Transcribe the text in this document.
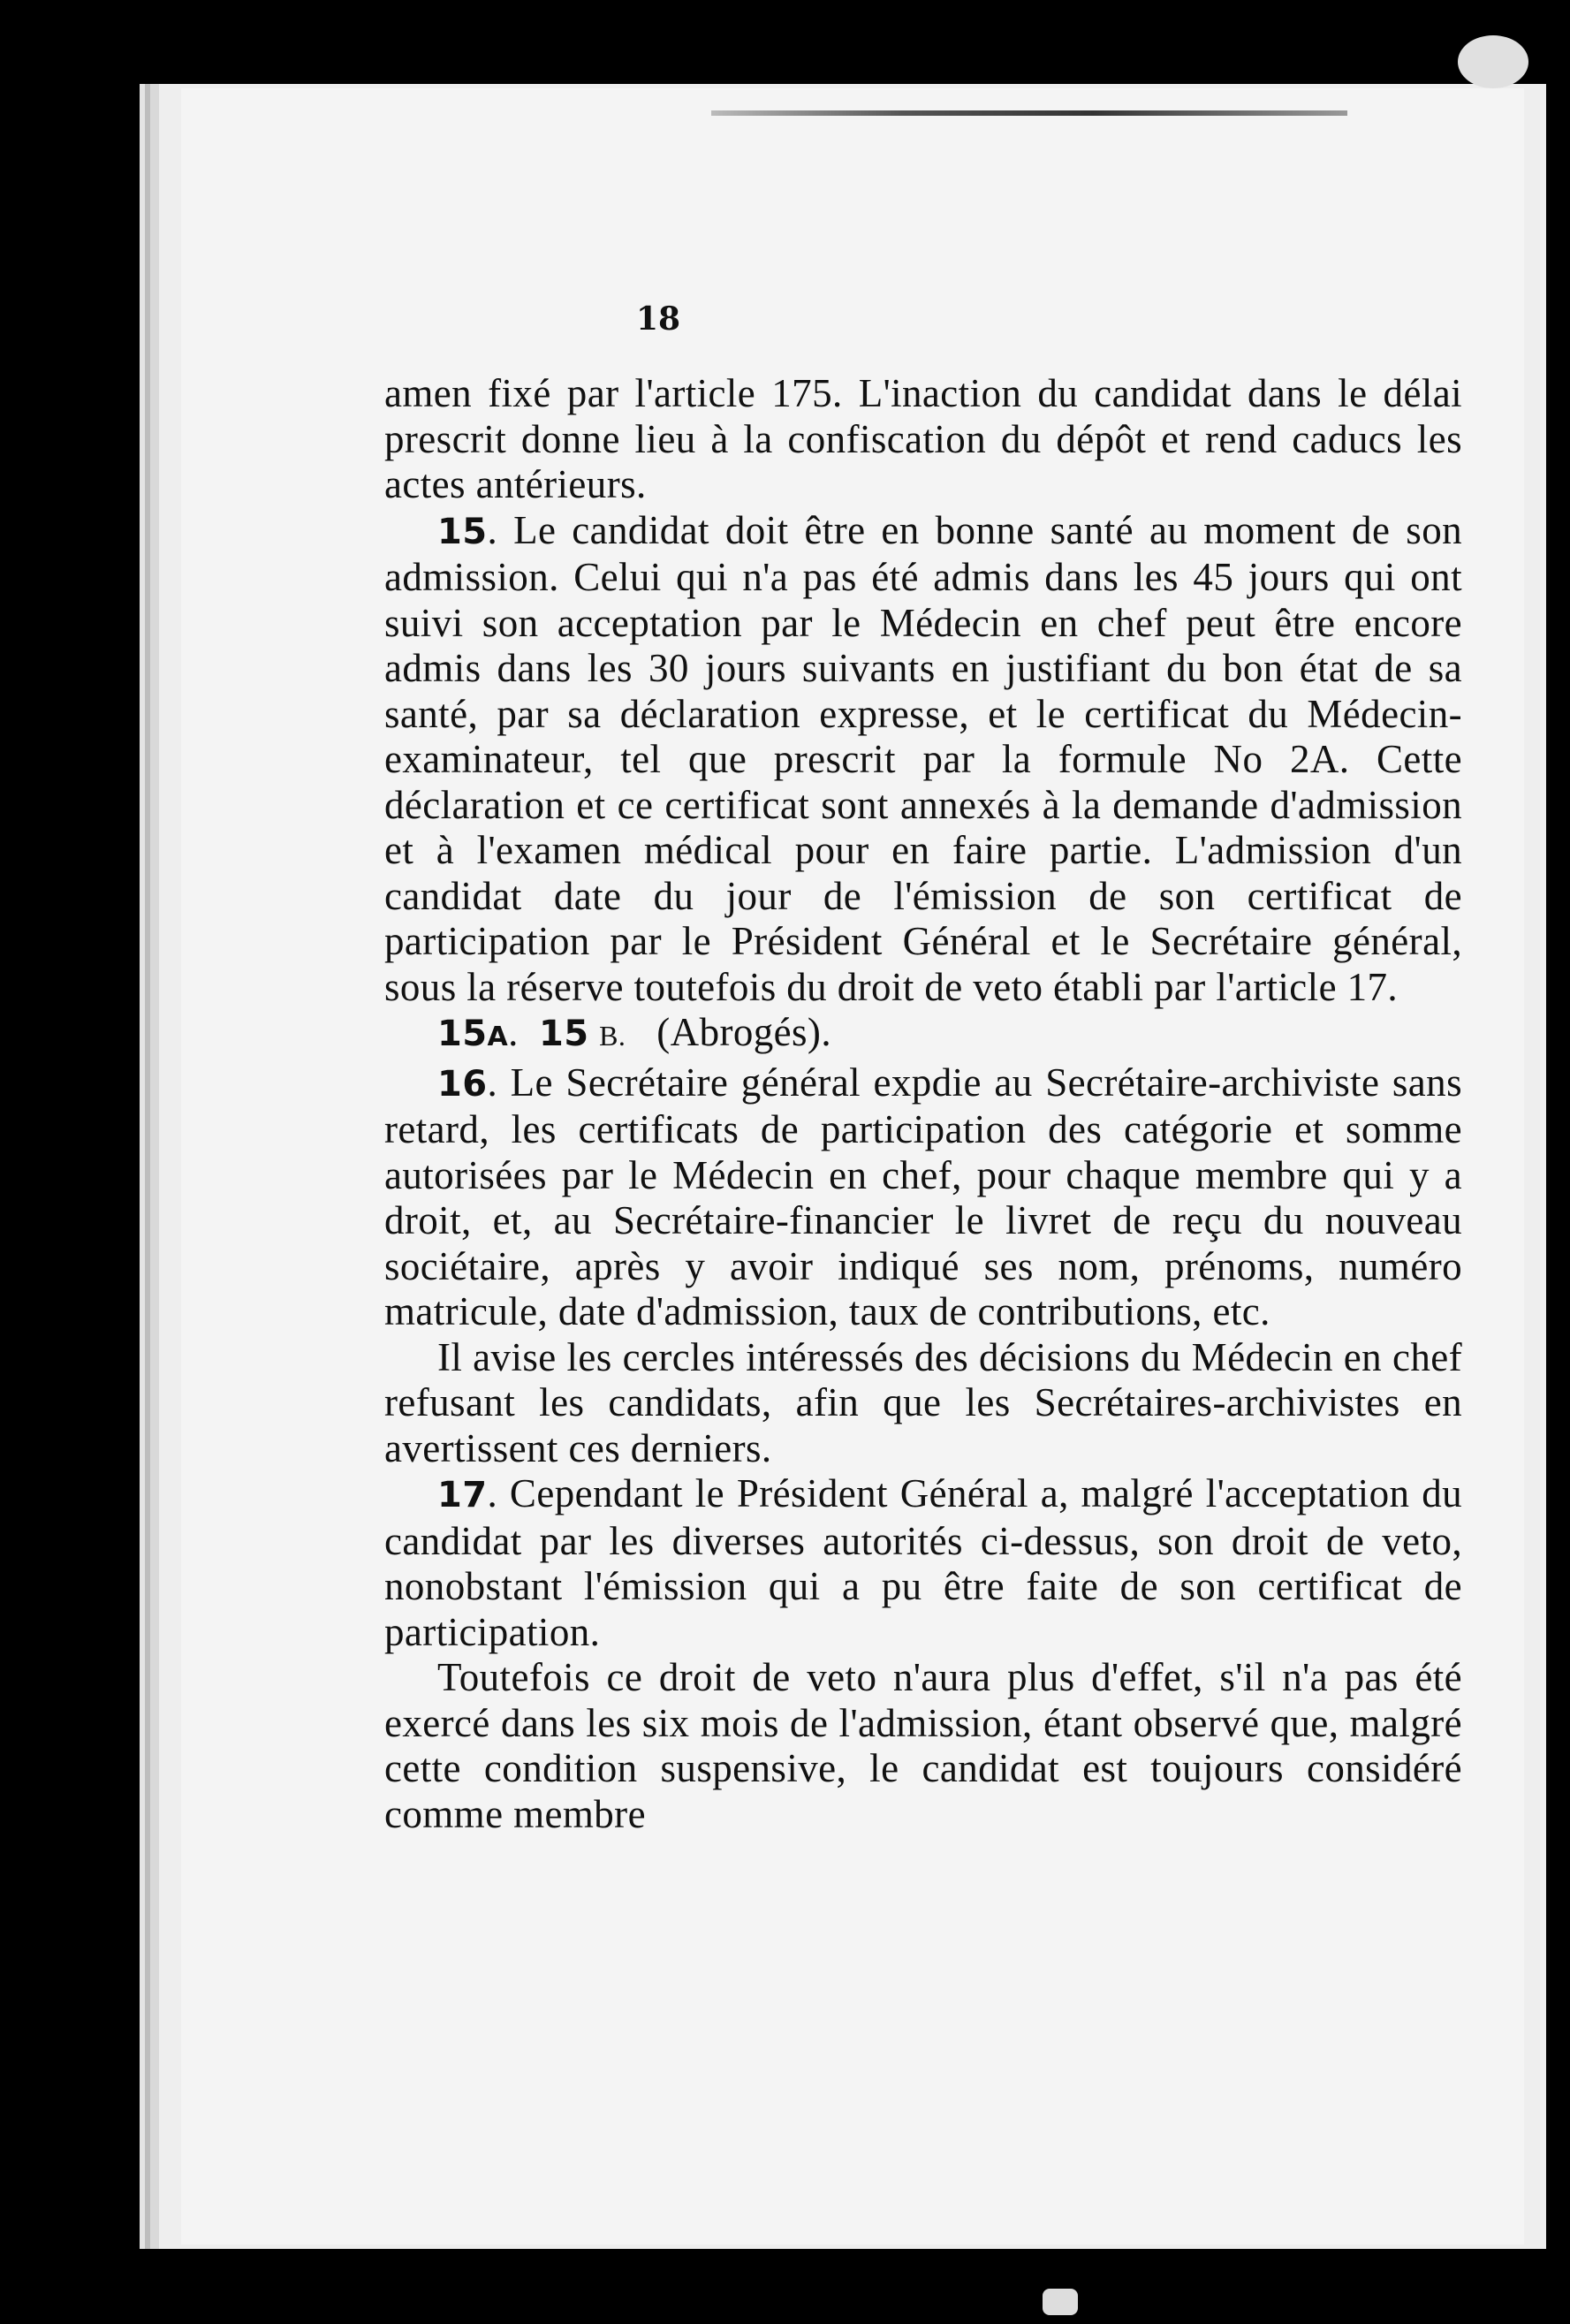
18

amen fixé par l'article 175. L'inaction du candidat dans le délai prescrit donne lieu à la confiscation du dépôt et rend caducs les actes antérieurs.

15. Le candidat doit être en bonne santé au moment de son admission. Celui qui n'a pas été admis dans les 45 jours qui ont suivi son acceptation par le Médecin en chef peut être encore admis dans les 30 jours suivants en justifiant du bon état de sa santé, par sa déclaration expresse, et le certificat du Médecin-examinateur, tel que prescrit par la formule No 2A. Cette déclaration et ce certificat sont annexés à la demande d'admission et à l'examen médical pour en faire partie. L'admission d'un candidat date du jour de l'émission de son certificat de participation par le Président Général et le Secrétaire général, sous la réserve toutefois du droit de veto établi par l'article 17.

15A.  15 B. (Abrogés).

16. Le Secrétaire général expdie au Secrétaire-archiviste sans retard, les certificats de participation des catégorie et somme autorisées par le Médecin en chef, pour chaque membre qui y a droit, et, au Secrétaire-financier le livret de reçu du nouveau sociétaire, après y avoir indiqué ses nom, prénoms, numéro matricule, date d'admission, taux de contributions, etc.

Il avise les cercles intéressés des décisions du Médecin en chef refusant les candidats, afin que les Secrétaires-archivistes en avertissent ces derniers.

17. Cependant le Président Général a, malgré l'acceptation du candidat par les diverses autorités ci-dessus, son droit de veto, nonobstant l'émission qui a pu être faite de son certificat de participation.

Toutefois ce droit de veto n'aura plus d'effet, s'il n'a pas été exercé dans les six mois de l'admission, étant observé que, malgré cette condition suspensive, le candidat est toujours considéré comme membre
